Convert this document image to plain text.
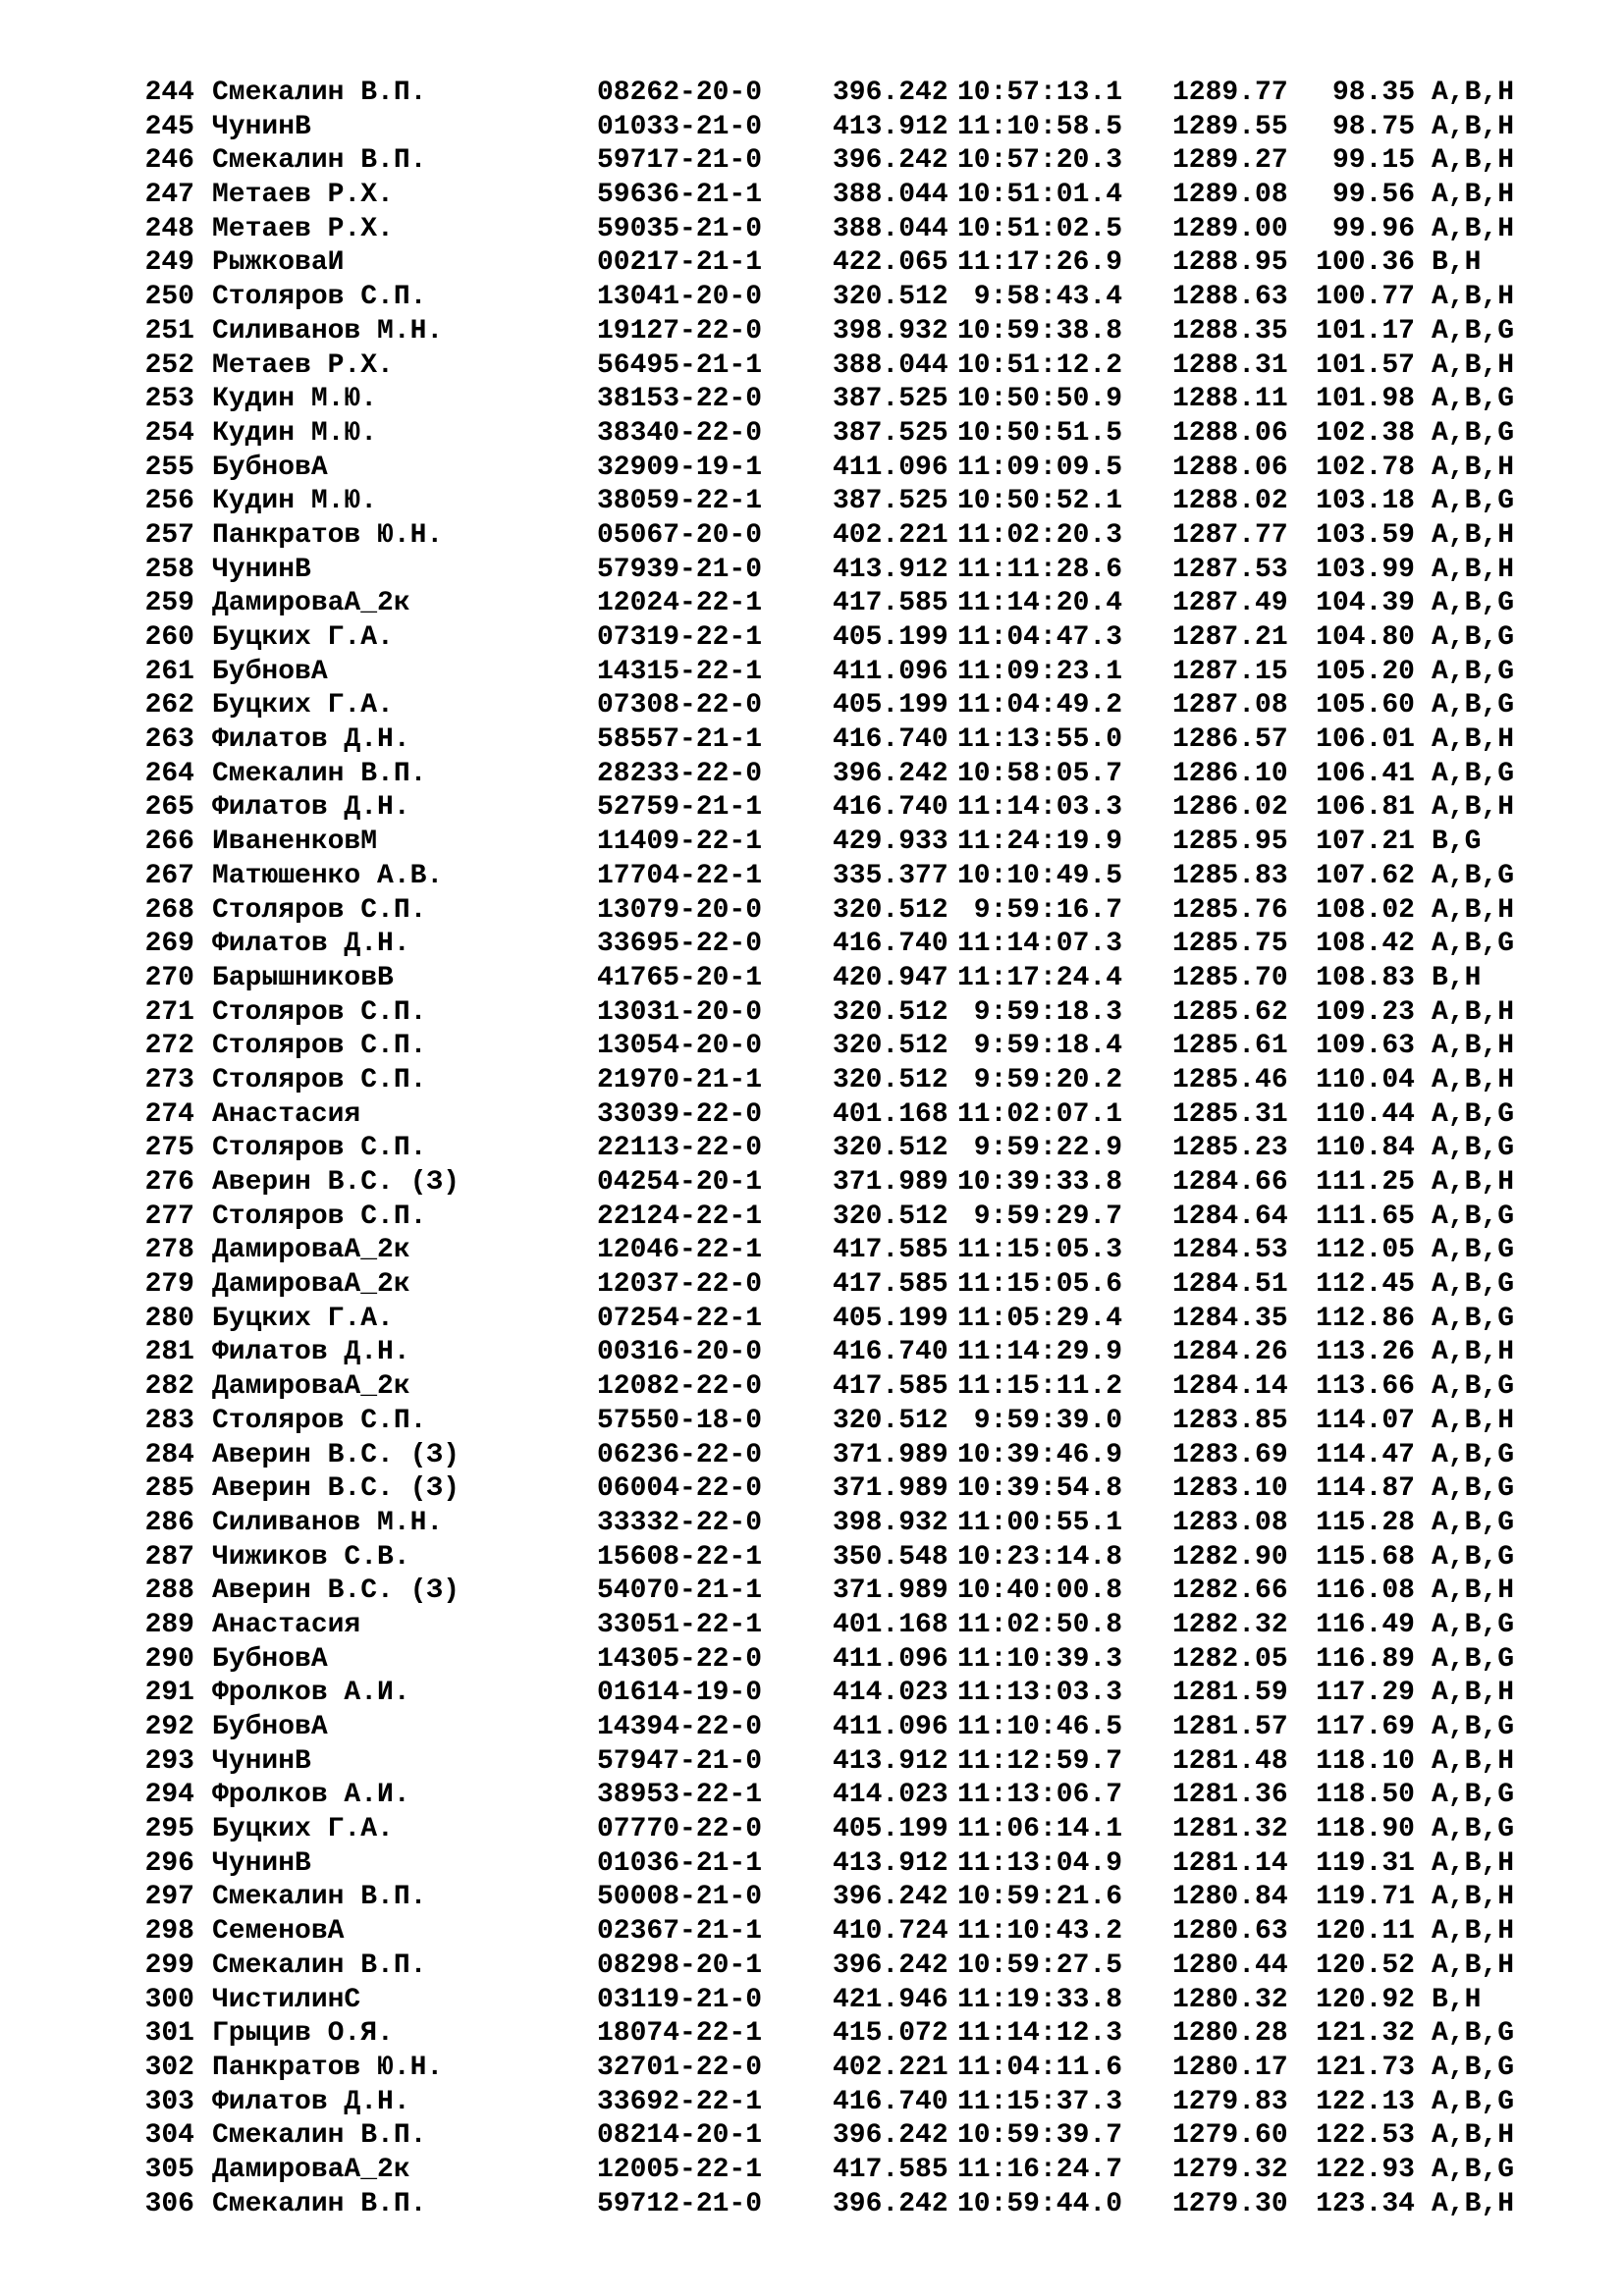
244 Смекалин В.П.	08262-20-0	396.242 10:57:13.1 1289.77	98.35 A,B,H
245 ЧунинВ	01033-21-0	413.912 11:10:58.5 1289.55	98.75 A,B,H
246 Смекалин В.П.	59717-21-0	396.242 10:57:20.3 1289.27	99.15 A,B,H
247 Метаев Р.Х.	59636-21-1	388.044 10:51:01.4 1289.08	99.56 A,B,H
248 Метаев Р.Х.	59035-21-0	388.044 10:51:02.5 1289.00	99.96 A,B,H
249 РыжковаИ	00217-21-1	422.065 11:17:26.9 1288.95 100.36 B,H
250 Столяров С.П.	13041-20-0	320.512 9:58:43.4 1288.63 100.77 A,B,H
251 Силиванов М.Н.	19127-22-0	398.932 10:59:38.8 1288.35 101.17 A,B,G
252 Метаев Р.Х.	56495-21-1	388.044 10:51:12.2 1288.31 101.57 A,B,H
253 Кудин М.Ю.	38153-22-0	387.525 10:50:50.9 1288.11 101.98 A,B,G
254 Кудин М.Ю.	38340-22-0	387.525 10:50:51.5 1288.06 102.38 A,B,G
255 БубновА	32909-19-1	411.096 11:09:09.5 1288.06 102.78 A,B,H
256 Кудин М.Ю.	38059-22-1	387.525 10:50:52.1 1288.02 103.18 A,B,G
257 Панкратов Ю.Н.	05067-20-0	402.221 11:02:20.3 1287.77 103.59 A,B,H
258 ЧунинВ	57939-21-0	413.912 11:11:28.6 1287.53 103.99 A,B,H
259 ДамироваА_2к	12024-22-1	417.585 11:14:20.4 1287.49 104.39 A,B,G
260 Буцких Г.А.	07319-22-1	405.199 11:04:47.3 1287.21 104.80 A,B,G
261 БубновА	14315-22-1	411.096 11:09:23.1 1287.15 105.20 A,B,G
262 Буцких Г.А.	07308-22-0	405.199 11:04:49.2 1287.08 105.60 A,B,G
263 Филатов Д.Н.	58557-21-1	416.740 11:13:55.0 1286.57 106.01 A,B,H
264 Смекалин В.П.	28233-22-0	396.242 10:58:05.7 1286.10 106.41 A,B,G
265 Филатов Д.Н.	52759-21-1	416.740 11:14:03.3 1286.02 106.81 A,B,H
266 ИваненковМ	11409-22-1	429.933 11:24:19.9 1285.95 107.21 B,G
267 Матюшенко А.В.	17704-22-1	335.377 10:10:49.5 1285.83 107.62 A,B,G
268 Столяров С.П.	13079-20-0	320.512 9:59:16.7 1285.76 108.02 A,B,H
269 Филатов Д.Н.	33695-22-0	416.740 11:14:07.3 1285.75 108.42 A,B,G
270 БарышниковВ	41765-20-1	420.947 11:17:24.4 1285.70 108.83 B,H
271 Столяров С.П.	13031-20-0	320.512 9:59:18.3 1285.62 109.23 A,B,H
272 Столяров С.П.	13054-20-0	320.512 9:59:18.4 1285.61 109.63 A,B,H
273 Столяров С.П.	21970-21-1	320.512 9:59:20.2 1285.46 110.04 A,B,H
274 Анастасия	33039-22-0	401.168 11:02:07.1 1285.31 110.44 A,B,G
275 Столяров С.П.	22113-22-0	320.512 9:59:22.9 1285.23 110.84 A,B,G
276 Аверин В.С. (З)	04254-20-1	371.989 10:39:33.8 1284.66 111.25 A,B,H
277 Столяров С.П.	22124-22-1	320.512 9:59:29.7 1284.64 111.65 A,B,G
278 ДамироваА_2к	12046-22-1	417.585 11:15:05.3 1284.53 112.05 A,B,G
279 ДамироваА_2к	12037-22-0	417.585 11:15:05.6 1284.51 112.45 A,B,G
280 Буцких Г.А.	07254-22-1	405.199 11:05:29.4 1284.35 112.86 A,B,G
281 Филатов Д.Н.	00316-20-0	416.740 11:14:29.9 1284.26 113.26 A,B,H
282 ДамироваА_2к	12082-22-0	417.585 11:15:11.2 1284.14 113.66 A,B,G
283 Столяров С.П.	57550-18-0	320.512 9:59:39.0 1283.85 114.07 A,B,H
284 Аверин В.С. (З)	06236-22-0	371.989 10:39:46.9 1283.69 114.47 A,B,G
285 Аверин В.С. (З)	06004-22-0	371.989 10:39:54.8 1283.10 114.87 A,B,G
286 Силиванов М.Н.	33332-22-0	398.932 11:00:55.1 1283.08 115.28 A,B,G
287 Чижиков С.В.	15608-22-1	350.548 10:23:14.8 1282.90 115.68 A,B,G
288 Аверин В.С. (З)	54070-21-1	371.989 10:40:00.8 1282.66 116.08 A,B,H
289 Анастасия	33051-22-1	401.168 11:02:50.8 1282.32 116.49 A,B,G
290 БубновА	14305-22-0	411.096 11:10:39.3 1282.05 116.89 A,B,G
291 Фролков А.И.	01614-19-0	414.023 11:13:03.3 1281.59 117.29 A,B,H
292 БубновА	14394-22-0	411.096 11:10:46.5 1281.57 117.69 A,B,G
293 ЧунинВ	57947-21-0	413.912 11:12:59.7 1281.48 118.10 A,B,H
294 Фролков А.И.	38953-22-1	414.023 11:13:06.7 1281.36 118.50 A,B,G
295 Буцких Г.А.	07770-22-0	405.199 11:06:14.1 1281.32 118.90 A,B,G
296 ЧунинВ	01036-21-1	413.912 11:13:04.9 1281.14 119.31 A,B,H
297 Смекалин В.П.	50008-21-0	396.242 10:59:21.6 1280.84 119.71 A,B,H
298 СеменовА	02367-21-1	410.724 11:10:43.2 1280.63 120.11 A,B,H
299 Смекалин В.П.	08298-20-1	396.242 10:59:27.5 1280.44 120.52 A,B,H
300 ЧистилинС	03119-21-0	421.946 11:19:33.8 1280.32 120.92 B,H
301 Грыцив О.Я.	18074-22-1	415.072 11:14:12.3 1280.28 121.32 A,B,G
302 Панкратов Ю.Н.	32701-22-0	402.221 11:04:11.6 1280.17 121.73 A,B,G
303 Филатов Д.Н.	33692-22-1	416.740 11:15:37.3 1279.83 122.13 A,B,G
304 Смекалин В.П.	08214-20-1	396.242 10:59:39.7 1279.60 122.53 A,B,H
305 ДамироваА_2к	12005-22-1	417.585 11:16:24.7 1279.32 122.93 A,B,G
306 Смекалин В.П.	59712-21-0	396.242 10:59:44.0 1279.30 123.34 A,B,H
